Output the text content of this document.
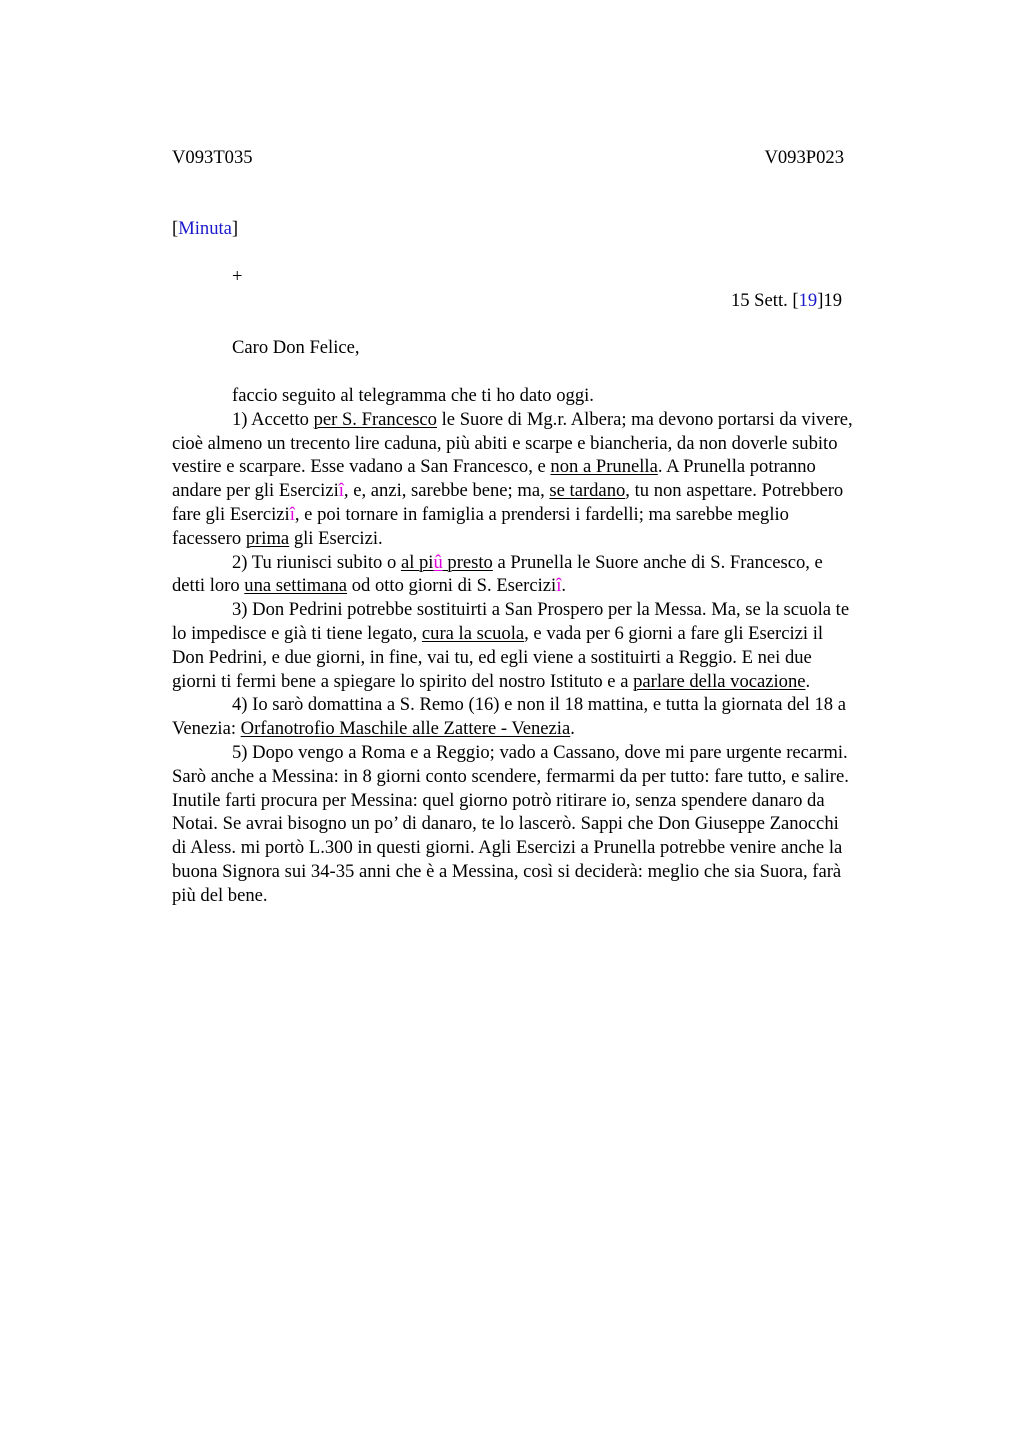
V093T035	V093P023
[Minuta]
+
15 Sett. [19]19
Caro Don Felice,
faccio seguito al telegramma che ti ho dato oggi.
1) Accetto per S. Francesco le Suore di Mg.r. Albera; ma devono portarsi da vivere,
cioè almeno un trecento lire caduna, più abiti e scarpe e biancheria, da non doverle subito
vestire e scarpare. Esse vadano a San Francesco, e non a Prunella. A Prunella potranno
andare per gli Eserciziî, e, anzi, sarebbe bene; ma, se tardano, tu non aspettare. Potrebbero
fare gli Eserciziî, e poi tornare in famiglia a prendersi i fardelli; ma sarebbe meglio
facessero prima gli Esercizi.
2) Tu riunisci subito o al piû presto a Prunella le Suore anche di S. Francesco, e
detti loro una settimana od otto giorni di S. Eserciziî.
3) Don Pedrini potrebbe sostituirti a San Prospero per la Messa. Ma, se la scuola te
lo impedisce e già ti tiene legato, cura la scuola, e vada per 6 giorni a fare gli Esercizi il
Don Pedrini, e due giorni, in fine, vai tu, ed egli viene a sostituirti a Reggio. E nei due
giorni ti fermi bene a spiegare lo spirito del nostro Istituto e a parlare della vocazione.
4) Io sarò domattina a S. Remo (16) e non il 18 mattina, e tutta la giornata del 18 a
Venezia: Orfanotrofio Maschile alle Zattere - Venezia.
5) Dopo vengo a Roma e a Reggio; vado a Cassano, dove mi pare urgente recarmi.
Sarò anche a Messina: in 8 giorni conto scendere, fermarmi da per tutto: fare tutto, e salire.
Inutile farti procura per Messina: quel giorno potrò ritirare io, senza spendere danaro da
Notai. Se avrai bisogno un po’ di danaro, te lo lascerò. Sappi che Don Giuseppe Zanocchi
di Aless. mi portò L.300 in questi giorni. Agli Esercizi a Prunella potrebbe venire anche la
buona Signora sui 34-35 anni che è a Messina, così si deciderà: meglio che sia Suora, farà
più del bene.
